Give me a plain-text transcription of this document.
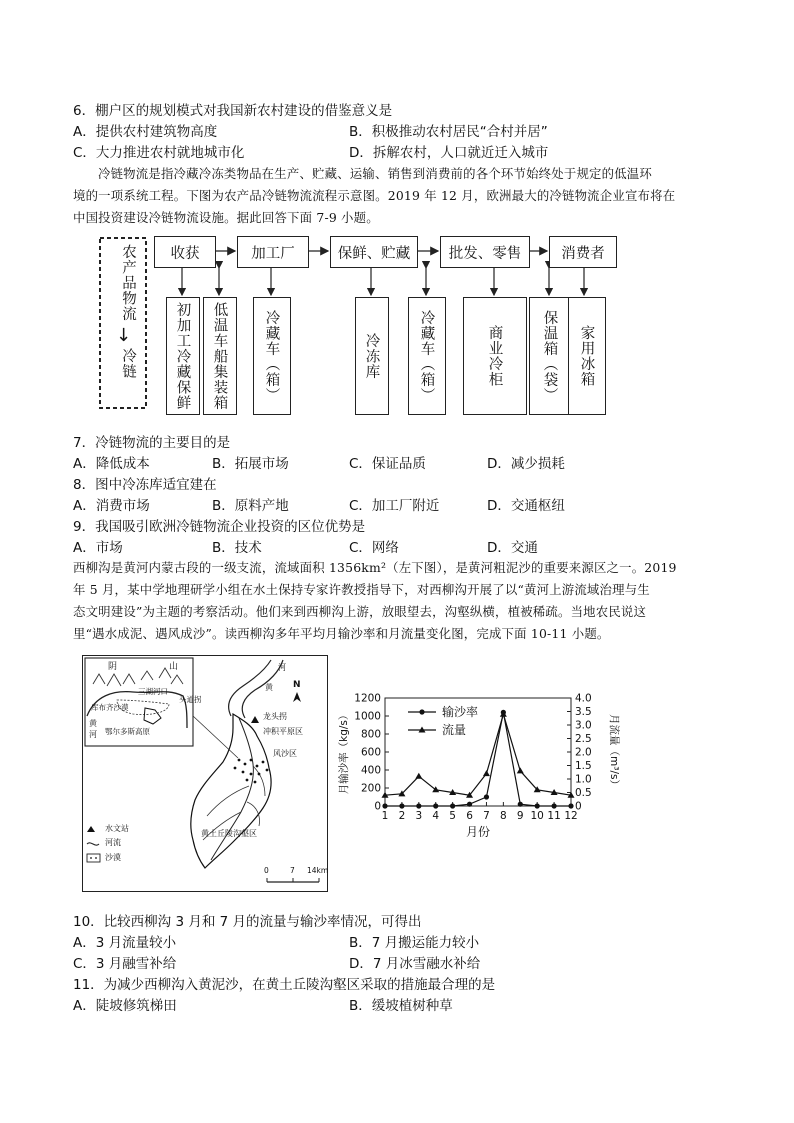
6．棚户区的规划模式对我国新农村建设的借鉴意义是
A．提供农村建筑物高度	B．积极推动农村居民“合村并居”
C．大力推进农村就地城市化	D．拆解农村，人口就近迁入城市
冷链物流是指冷藏冷冻类物品在生产、贮藏、运输、销售到消费前的各个环节始终处于规定的低温环
境的一项系统工程。下图为农产品冷链物流流程示意图。2019 年 12 月，欧洲最大的冷链物流企业宣布将在
中国投资建设冷链物流设施。据此回答下面 7-9 小题。
农产品物流
↓
冷链
收获	加工厂	保鲜、贮藏	批发、零售	消费者
初加工冷藏保鲜	低温车船集装箱	冷藏车（箱）	冷冻库	冷藏车（箱）	商业冷柜	保温箱（袋）	家用冰箱
7．冷链物流的主要目的是
A．降低成本	B．拓展市场	C．保证品质	D．减少损耗
8．图中冷冻库适宜建在
A．消费市场	B．原料产地	C．加工厂附近	D．交通枢纽
9．我国吸引欧洲冷链物流企业投资的区位优势是
A．市场	B．技术	C．网络	D．交通
西柳沟是黄河内蒙古段的一级支流，流域面积 1356km²（左下图），是黄河粗泥沙的重要来源区之一。2019
年 5 月，某中学地理研学小组在水土保持专家许教授指导下，对西柳沟开展了以“黄河上游流域治理与生
态文明建设”为主题的考察活动。他们来到西柳沟上游，放眼望去，沟壑纵横，植被稀疏。当地农民说这
里“遇水成泥、遇风成沙”。读西柳沟多年平均月输沙率和月流量变化图，完成下面 10-11 小题。
阴	山
三湖河口
头道拐
库布齐沙漠
黄
河 鄂尔多斯高原
黄
河
N
龙头拐
冲积平原区
风沙区
黄土丘陵沟壑区
水文站
河流
沙漠
0	7 14km
0
200
400
600
800
1000
1200
0
0.5
1.0
1.5
2.0
2.5
3.0
3.5
4.0
1 2 3 4 5 6 7 8 9 10 11 12
月份
月输沙率（kg/s）	月流量（m³/s）
输沙率
流量
10．比较西柳沟 3 月和 7 月的流量与输沙率情况，可得出
A．3 月流量较小	B．7 月搬运能力较小
C．3 月融雪补给	D．7 月冰雪融水补给
11．为减少西柳沟入黄泥沙，在黄土丘陵沟壑区采取的措施最合理的是
A．陡坡修筑梯田	B．缓坡植树种草
